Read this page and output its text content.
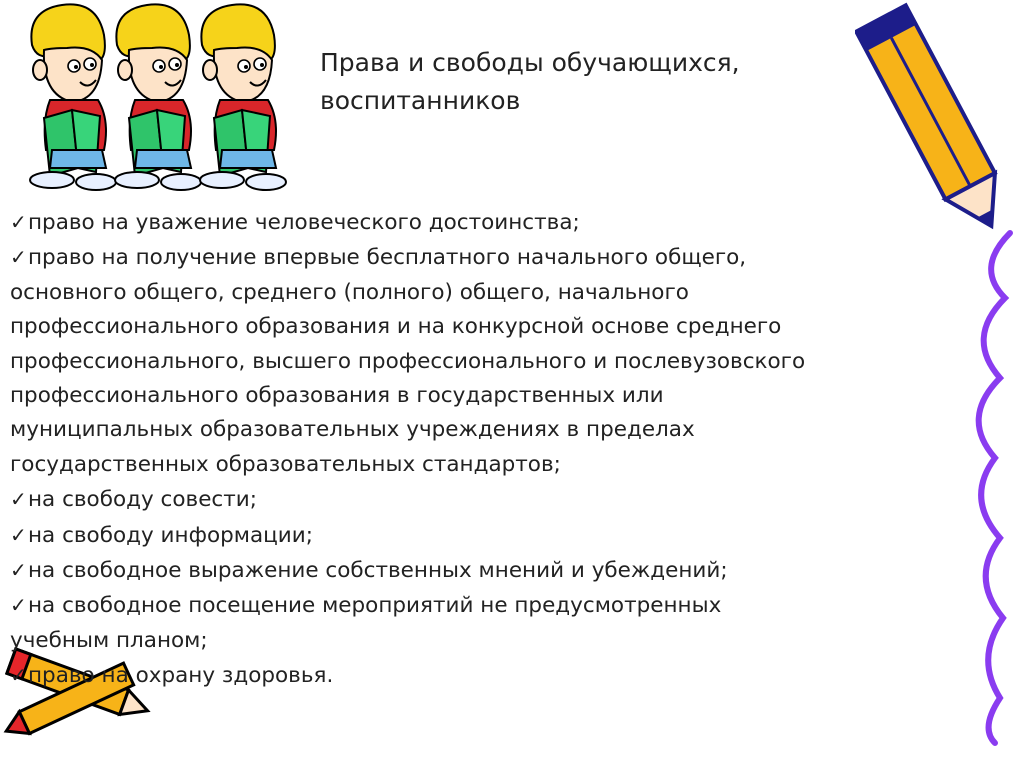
Права и свободы обучающихся,
воспитанников
✓право на уважение человеческого достоинства;
✓право на получение впервые бесплатного начального общего,
основного общего, среднего (полного) общего, начального
профессионального образования и на конкурсной основе среднего
профессионального, высшего профессионального и послевузовского
профессионального образования в государственных или
муниципальных образовательных учреждениях в пределах
государственных образовательных стандартов;
✓на свободу совести;
✓на свободу информации;
✓на свободное выражение собственных мнений и убеждений;
✓на свободное посещение мероприятий не предусмотренных
учебным планом;
✓право на охрану здоровья.
